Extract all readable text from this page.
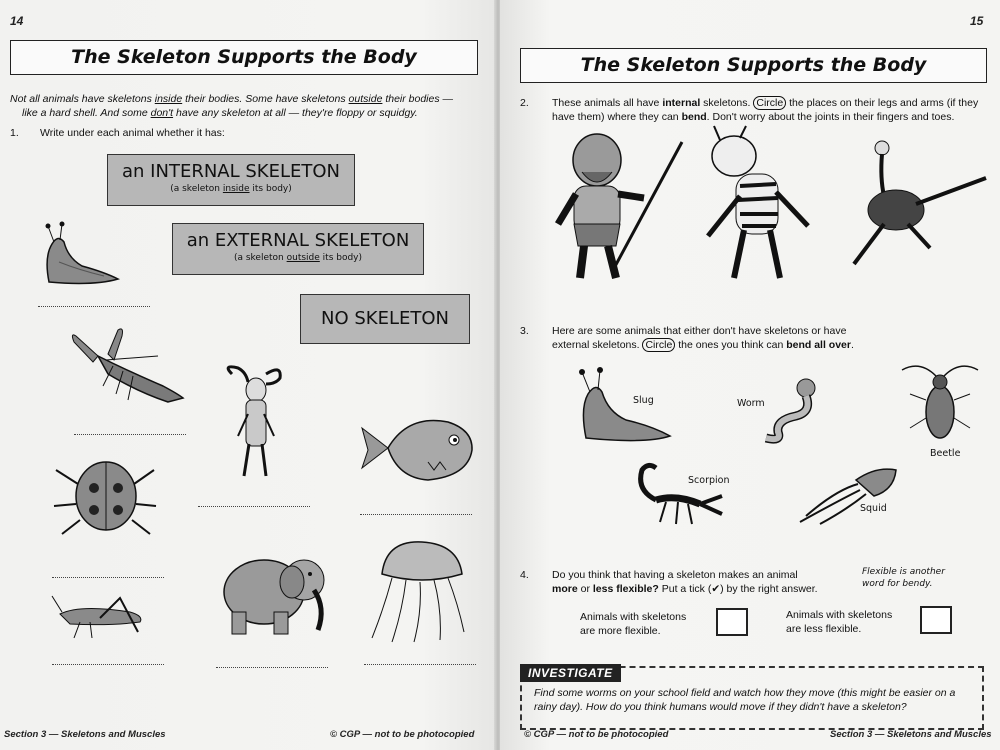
14
The Skeleton Supports the Body
Not all animals have skeletons inside their bodies. Some have skeletons outside their bodies —
like a hard shell. And some don't have any skeleton at all — they're floppy or squidgy.
1. Write under each animal whether it has:
an INTERNAL SKELETON
(a skeleton inside its body)
an EXTERNAL SKELETON
(a skeleton outside its body)
NO SKELETON
Section 3 — Skeletons and Muscles	© CGP — not to be photocopied
15
The Skeleton Supports the Body
2. These animals all have internal skeletons. Circle the places on their legs and arms (if they
have them) where they can bend. Don't worry about the joints in their fingers and toes.
3. Here are some animals that either don't have skeletons or have
external skeletons. Circle the ones you think can bend all over.
Slug	Worm
Beetle
Scorpion
Squid
4. Do you think that having a skeleton makes an animal
more or less flexible? Put a tick (✔) by the right answer.
Flexible is another word for bendy.
Animals with skeletons are more flexible.
Animals with skeletons are less flexible.
INVESTIGATE
Find some worms on your school field and watch how they move (this might be easier on a rainy day). How do you think humans would move if they didn't have a skeleton?
© CGP — not to be photocopied	Section 3 — Skeletons and Muscles
